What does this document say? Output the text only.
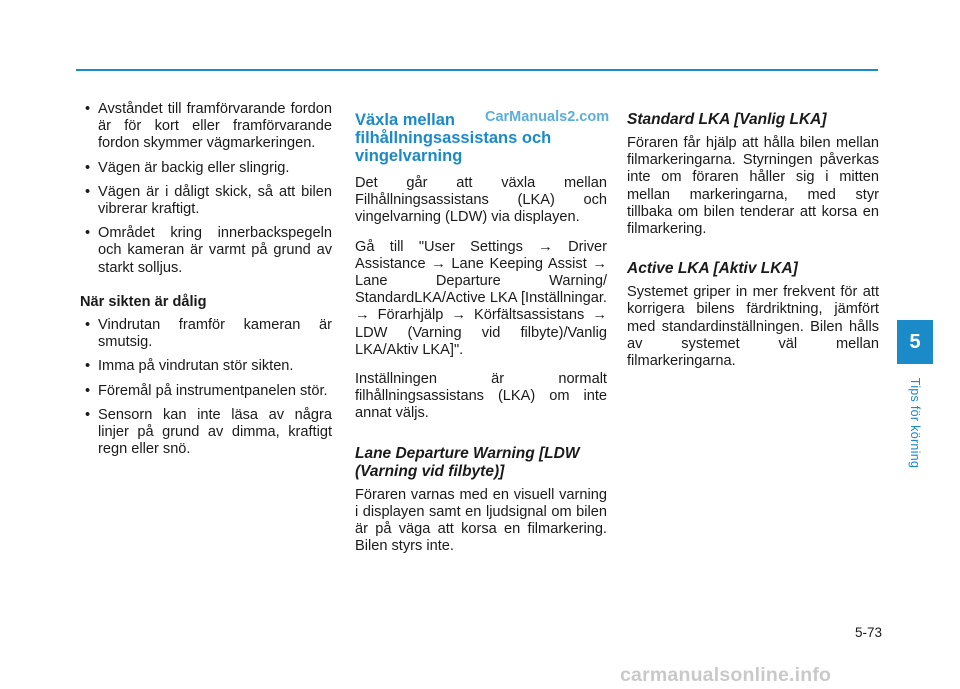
• Avståndet till framförvarande fordon är för kort eller framförvarande fordon skymmer vägmarkeringen.
• Vägen är backig eller slingrig.
• Vägen är i dåligt skick, så att bilen vibrerar kraftigt.
• Området kring innerbackspegeln och kameran är varmt på grund av starkt solljus.
När sikten är dålig
• Vindrutan framför kameran är smutsig.
• Imma på vindrutan stör sikten.
• Föremål på instrumentpanelen stör.
• Sensorn kan inte läsa av några linjer på grund av dimma, kraftigt regn eller snö.
Växla mellan filhållningsassistans och vingelvarning

Det går att växla mellan Filhållningsassistans (LKA) och vingelvarning (LDW) via displayen.

Gå till "User Settings → Driver Assistance → Lane Keeping Assist → Lane Departure Warning/ StandardLKA/Active LKA [Inställningar. → Förarhjälp → Körfältsassistans → LDW (Varning vid filbyte)/Vanlig LKA/Aktiv LKA]".

Inställningen är normalt filhållningsassistans (LKA) om inte annat väljs.

Lane Departure Warning [LDW (Varning vid filbyte)]

Föraren varnas med en visuell varning i displayen samt en ljudsignal om bilen är på väga att korsa en filmarkering. Bilen styrs inte.

Standard LKA [Vanlig LKA]

Föraren får hjälp att hålla bilen mellan filmarkeringarna. Styrningen påverkas inte om föraren håller sig i mitten mellan markeringarna, med styr tillbaka om bilen tenderar att korsa en filmarkering.

Active LKA [Aktiv LKA]

Systemet griper in mer frekvent för att korrigera bilens färdriktning, jämfört med standardinställningen. Bilen hålls av systemet väl mellan filmarkeringarna.

CarManuals2.com
5
Tips för körning
5-73
carmanualsonline.info
